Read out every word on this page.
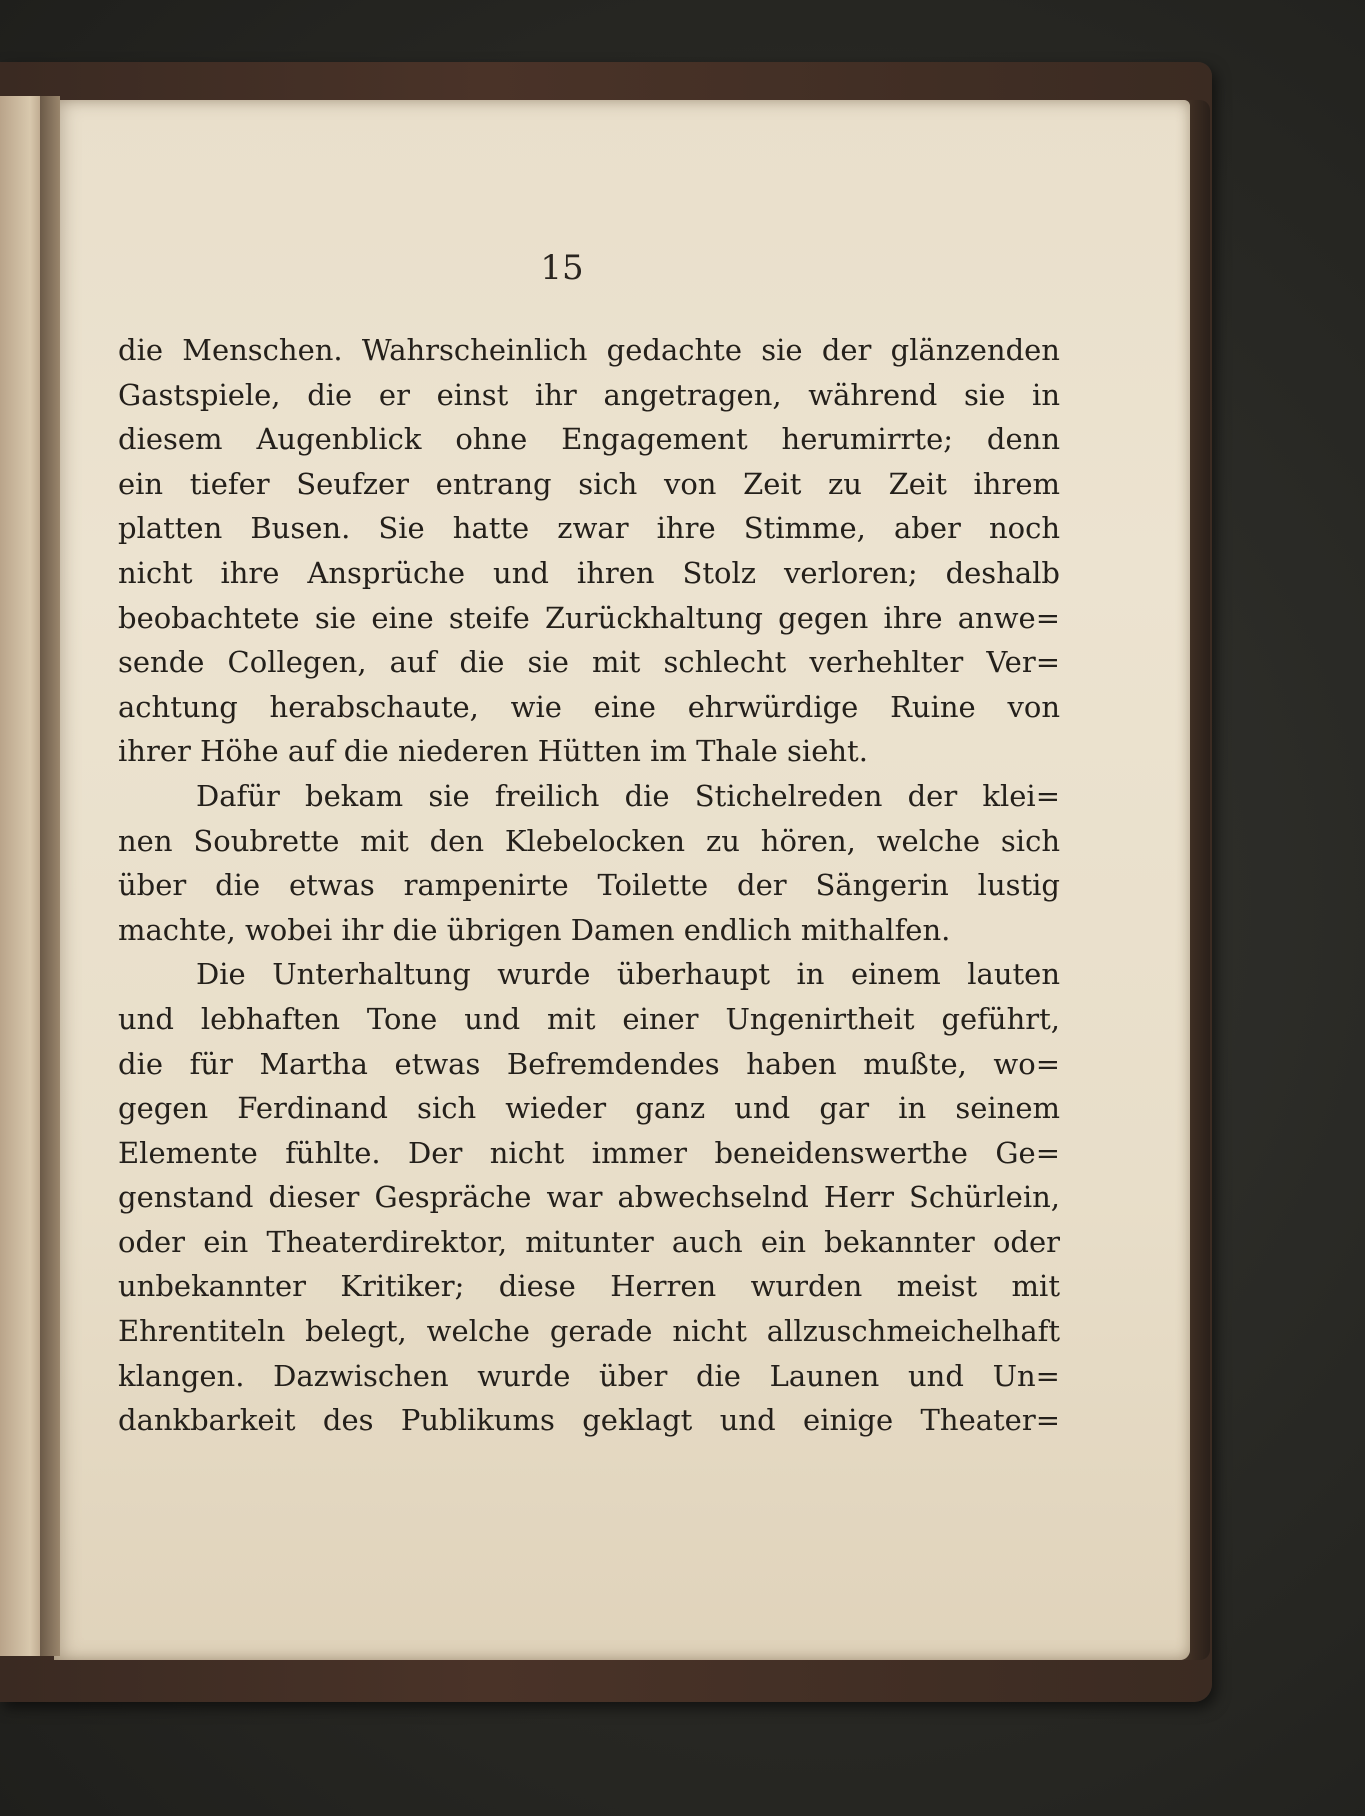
15
die Menschen. Wahrscheinlich gedachte sie der glänzenden
Gastspiele, die er einst ihr angetragen, während sie in
diesem Augenblick ohne Engagement herumirrte; denn
ein tiefer Seufzer entrang sich von Zeit zu Zeit ihrem
platten Busen. Sie hatte zwar ihre Stimme, aber noch
nicht ihre Ansprüche und ihren Stolz verloren; deshalb
beobachtete sie eine steife Zurückhaltung gegen ihre anwe=
sende Collegen, auf die sie mit schlecht verhehlter Ver=
achtung herabschaute, wie eine ehrwürdige Ruine von
ihrer Höhe auf die niederen Hütten im Thale sieht.
Dafür bekam sie freilich die Stichelreden der klei=
nen Soubrette mit den Klebelocken zu hören, welche sich
über die etwas rampenirte Toilette der Sängerin lustig
machte, wobei ihr die übrigen Damen endlich mithalfen.
Die Unterhaltung wurde überhaupt in einem lauten
und lebhaften Tone und mit einer Ungenirtheit geführt,
die für Martha etwas Befremdendes haben mußte, wo=
gegen Ferdinand sich wieder ganz und gar in seinem
Elemente fühlte. Der nicht immer beneidenswerthe Ge=
genstand dieser Gespräche war abwechselnd Herr Schürlein,
oder ein Theaterdirektor, mitunter auch ein bekannter oder
unbekannter Kritiker; diese Herren wurden meist mit
Ehrentiteln belegt, welche gerade nicht allzuschmeichelhaft
klangen. Dazwischen wurde über die Launen und Un=
dankbarkeit des Publikums geklagt und einige Theater=
